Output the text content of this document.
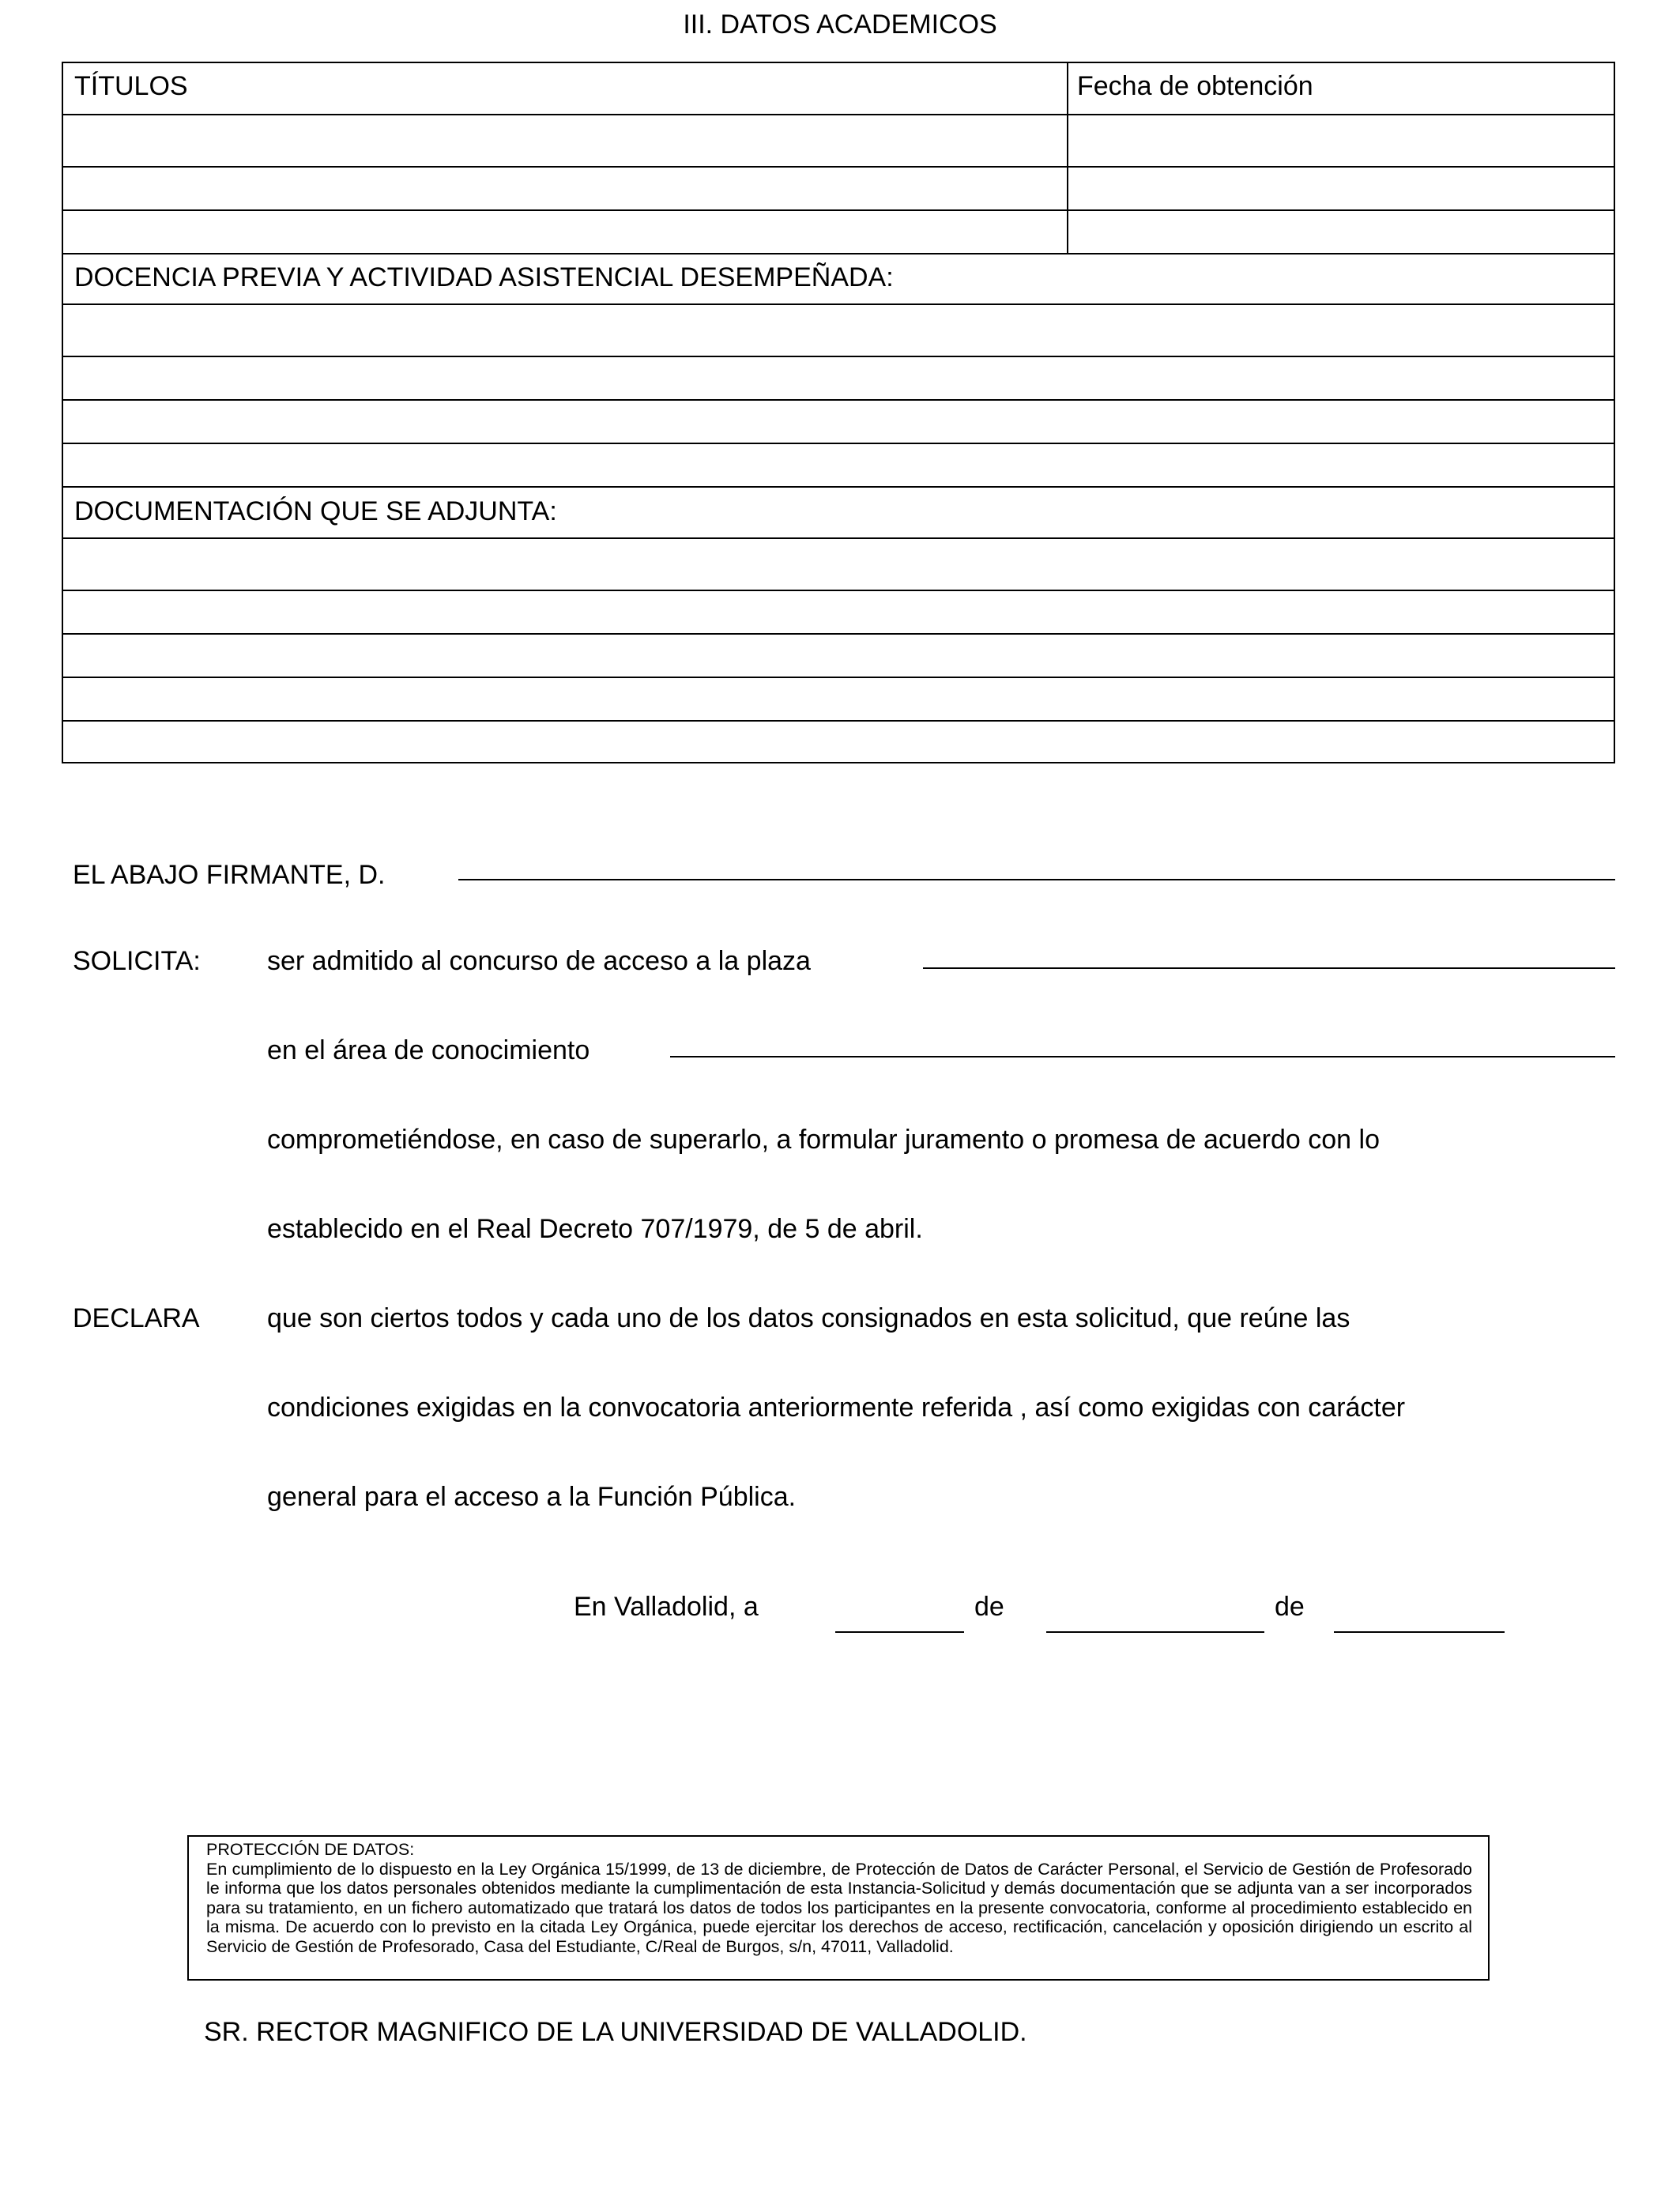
III. DATOS ACADEMICOS
TÍTULOS	Fecha de obtención
DOCENCIA PREVIA Y ACTIVIDAD ASISTENCIAL DESEMPEÑADA:
DOCUMENTACIÓN QUE SE ADJUNTA:
EL ABAJO FIRMANTE, D.
SOLICITA: ser admitido al concurso de acceso a la plaza
en el área de conocimiento
comprometiéndose, en caso de superarlo, a formular juramento o promesa de acuerdo con lo
establecido en el Real Decreto 707/1979, de 5 de abril.
DECLARA	que son ciertos todos y cada uno de los datos consignados en esta solicitud, que reúne las
condiciones exigidas en la convocatoria anteriormente referida , así como exigidas con carácter
general para el acceso a la Función Pública.
En Valladolid, a	de	de
PROTECCIÓN DE DATOS:
En cumplimiento de lo dispuesto en la Ley Orgánica 15/1999, de 13 de diciembre, de Protección de Datos de Carácter Personal, el Servicio de Gestión de Profesorado le informa que los datos personales obtenidos mediante la cumplimentación de esta Instancia-Solicitud y demás documentación que se adjunta van a ser incorporados para su tratamiento, en un fichero automatizado que tratará los datos de todos los participantes en la presente convocatoria, conforme al procedimiento establecido en la misma. De acuerdo con lo previsto en la citada Ley Orgánica, puede ejercitar los derechos de acceso, rectificación, cancelación y oposición dirigiendo un escrito al Servicio de Gestión de Profesorado, Casa del Estudiante, C/Real de Burgos, s/n, 47011, Valladolid.
SR. RECTOR MAGNIFICO DE LA UNIVERSIDAD DE VALLADOLID.
